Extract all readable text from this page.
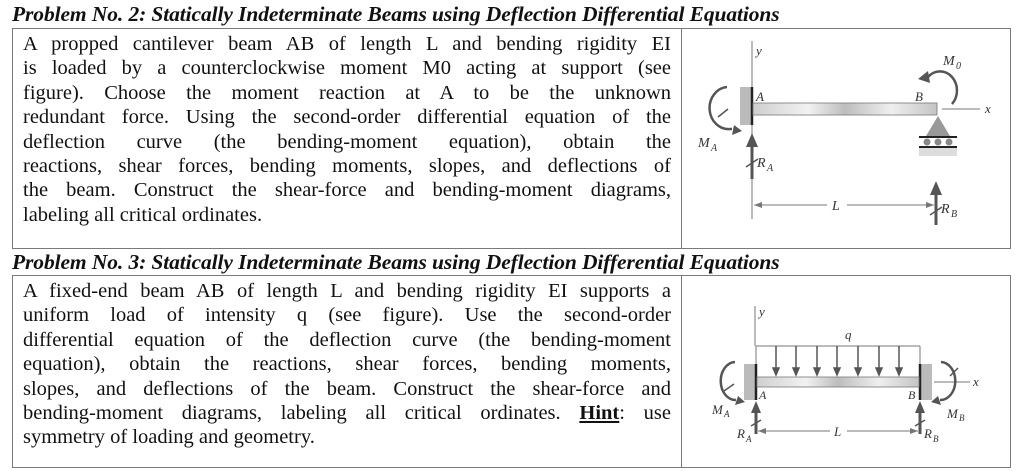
Problem No. 2: Statically Indeterminate Beams using Deflection Differential Equations
A propped cantilever beam AB of length L and bending rigidity EI
is loaded by a counterclockwise moment M0 acting at support (see
figure). Choose the moment reaction at A to be the unknown
redundant force. Using the second-order differential equation of the
deflection curve (the bending-moment equation), obtain the
reactions, shear forces, bending moments, slopes, and deflections of
the beam. Construct the shear-force and bending-moment diagrams,
labeling all critical ordinates.
y
A	B
x
M A
M 0
R A
R B
L
Problem No. 3: Statically Indeterminate Beams using Deflection Differential Equations
A fixed-end beam AB of length L and bending rigidity EI supports a
uniform load of intensity q (see figure). Use the second-order
differential equation of the deflection curve (the bending-moment
equation), obtain the reactions, shear forces, bending moments,
slopes, and deflections of the beam. Construct the shear-force and
bending-moment diagrams, labeling all critical ordinates. Hint: use
symmetry of loading and geometry.
y
q
A	B
x
M A	M B
R A	R B
L
